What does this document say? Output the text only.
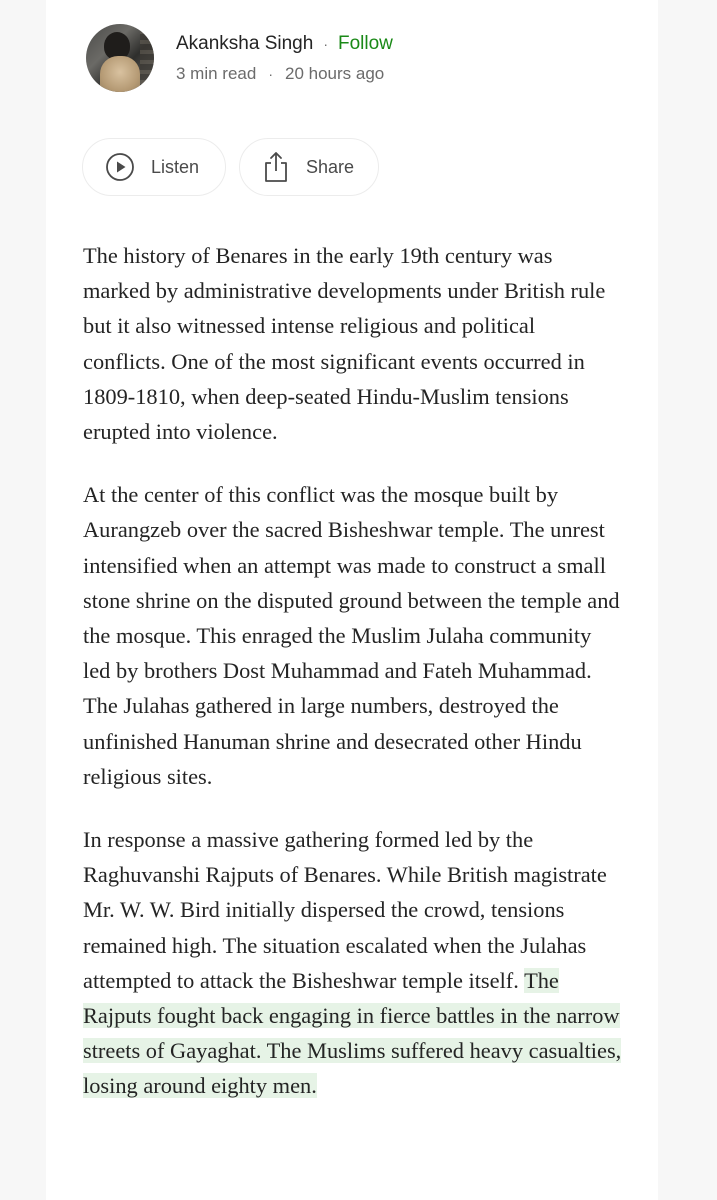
Akanksha Singh · Follow
3 min read · 20 hours ago
Listen	Share

The history of Benares in the early 19th century was marked by administrative developments under British rule but it also witnessed intense religious and political conflicts. One of the most significant events occurred in 1809-1810, when deep-seated Hindu-Muslim tensions erupted into violence.

At the center of this conflict was the mosque built by Aurangzeb over the sacred Bisheshwar temple. The unrest intensified when an attempt was made to construct a small stone shrine on the disputed ground between the temple and the mosque. This enraged the Muslim Julaha community led by brothers Dost Muhammad and Fateh Muhammad. The Julahas gathered in large numbers, destroyed the unfinished Hanuman shrine and desecrated other Hindu religious sites.

In response a massive gathering formed led by the Raghuvanshi Rajputs of Benares. While British magistrate Mr. W. W. Bird initially dispersed the crowd, tensions remained high. The situation escalated when the Julahas attempted to attack the Bisheshwar temple itself. The Rajputs fought back engaging in fierce battles in the narrow streets of Gayaghat. The Muslims suffered heavy casualties, losing around eighty men.
